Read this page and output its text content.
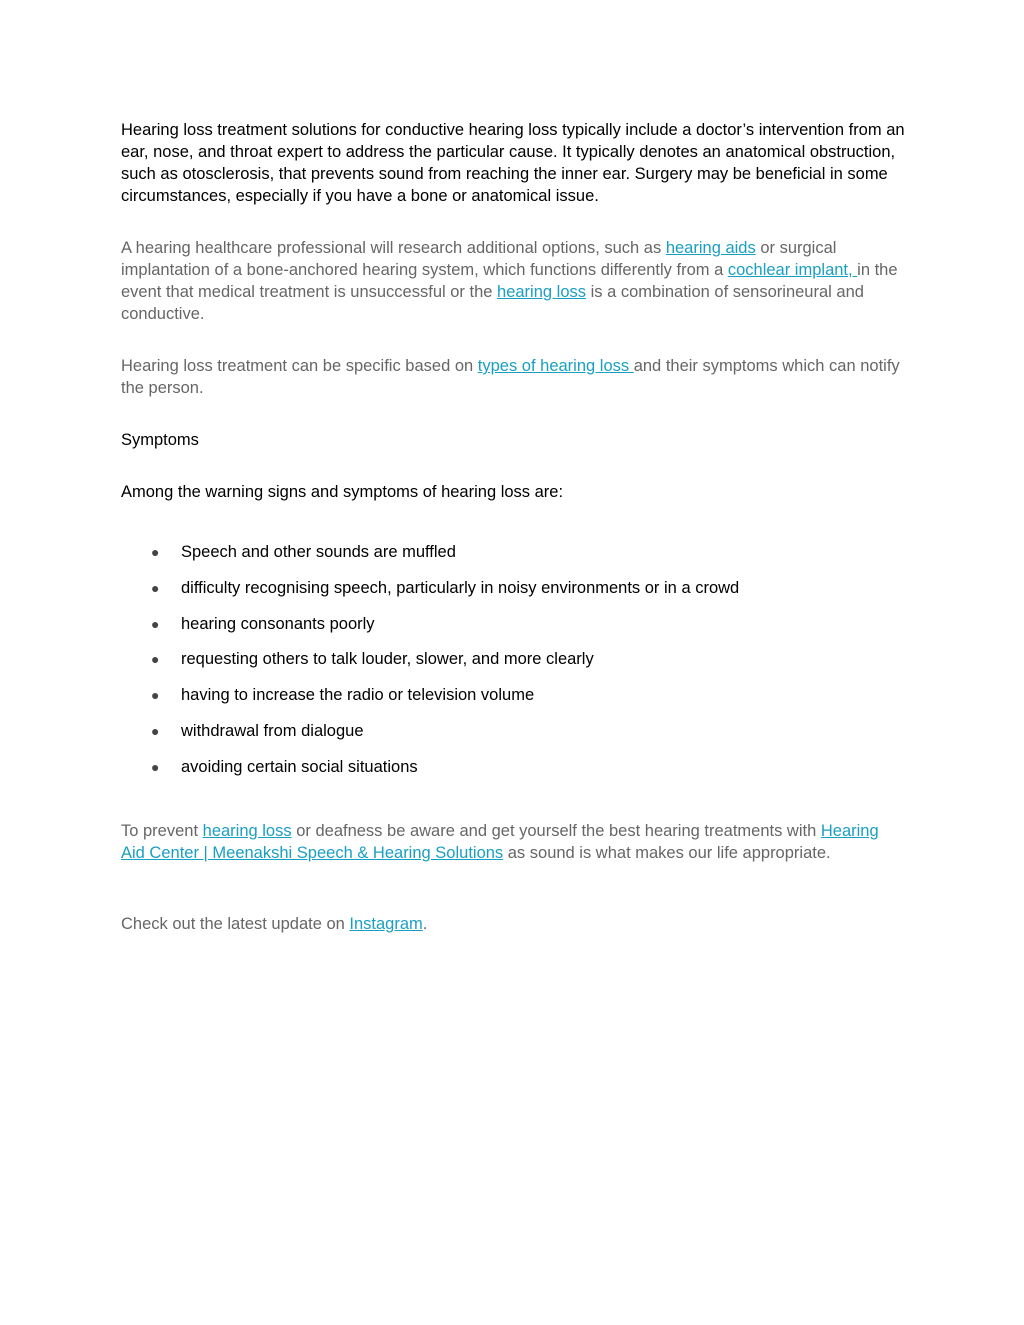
Hearing loss treatment solutions for conductive hearing loss typically include a doctor’s intervention from an ear, nose, and throat expert to address the particular cause. It typically denotes an anatomical obstruction, such as otosclerosis, that prevents sound from reaching the inner ear. Surgery may be beneficial in some circumstances, especially if you have a bone or anatomical issue.

A hearing healthcare professional will research additional options, such as hearing aids or surgical implantation of a bone-anchored hearing system, which functions differently from a cochlear implant, in the event that medical treatment is unsuccessful or the hearing loss is a combination of sensorineural and conductive.

Hearing loss treatment can be specific based on types of hearing loss and their symptoms which can notify the person.

Symptoms

Among the warning signs and symptoms of hearing loss are:

● Speech and other sounds are muffled
● difficulty recognising speech, particularly in noisy environments or in a crowd
● hearing consonants poorly
● requesting others to talk louder, slower, and more clearly
● having to increase the radio or television volume
● withdrawal from dialogue
● avoiding certain social situations

To prevent hearing loss or deafness be aware and get yourself the best hearing treatments with Hearing Aid Center | Meenakshi Speech & Hearing Solutions as sound is what makes our life appropriate.

Check out the latest update on Instagram.
